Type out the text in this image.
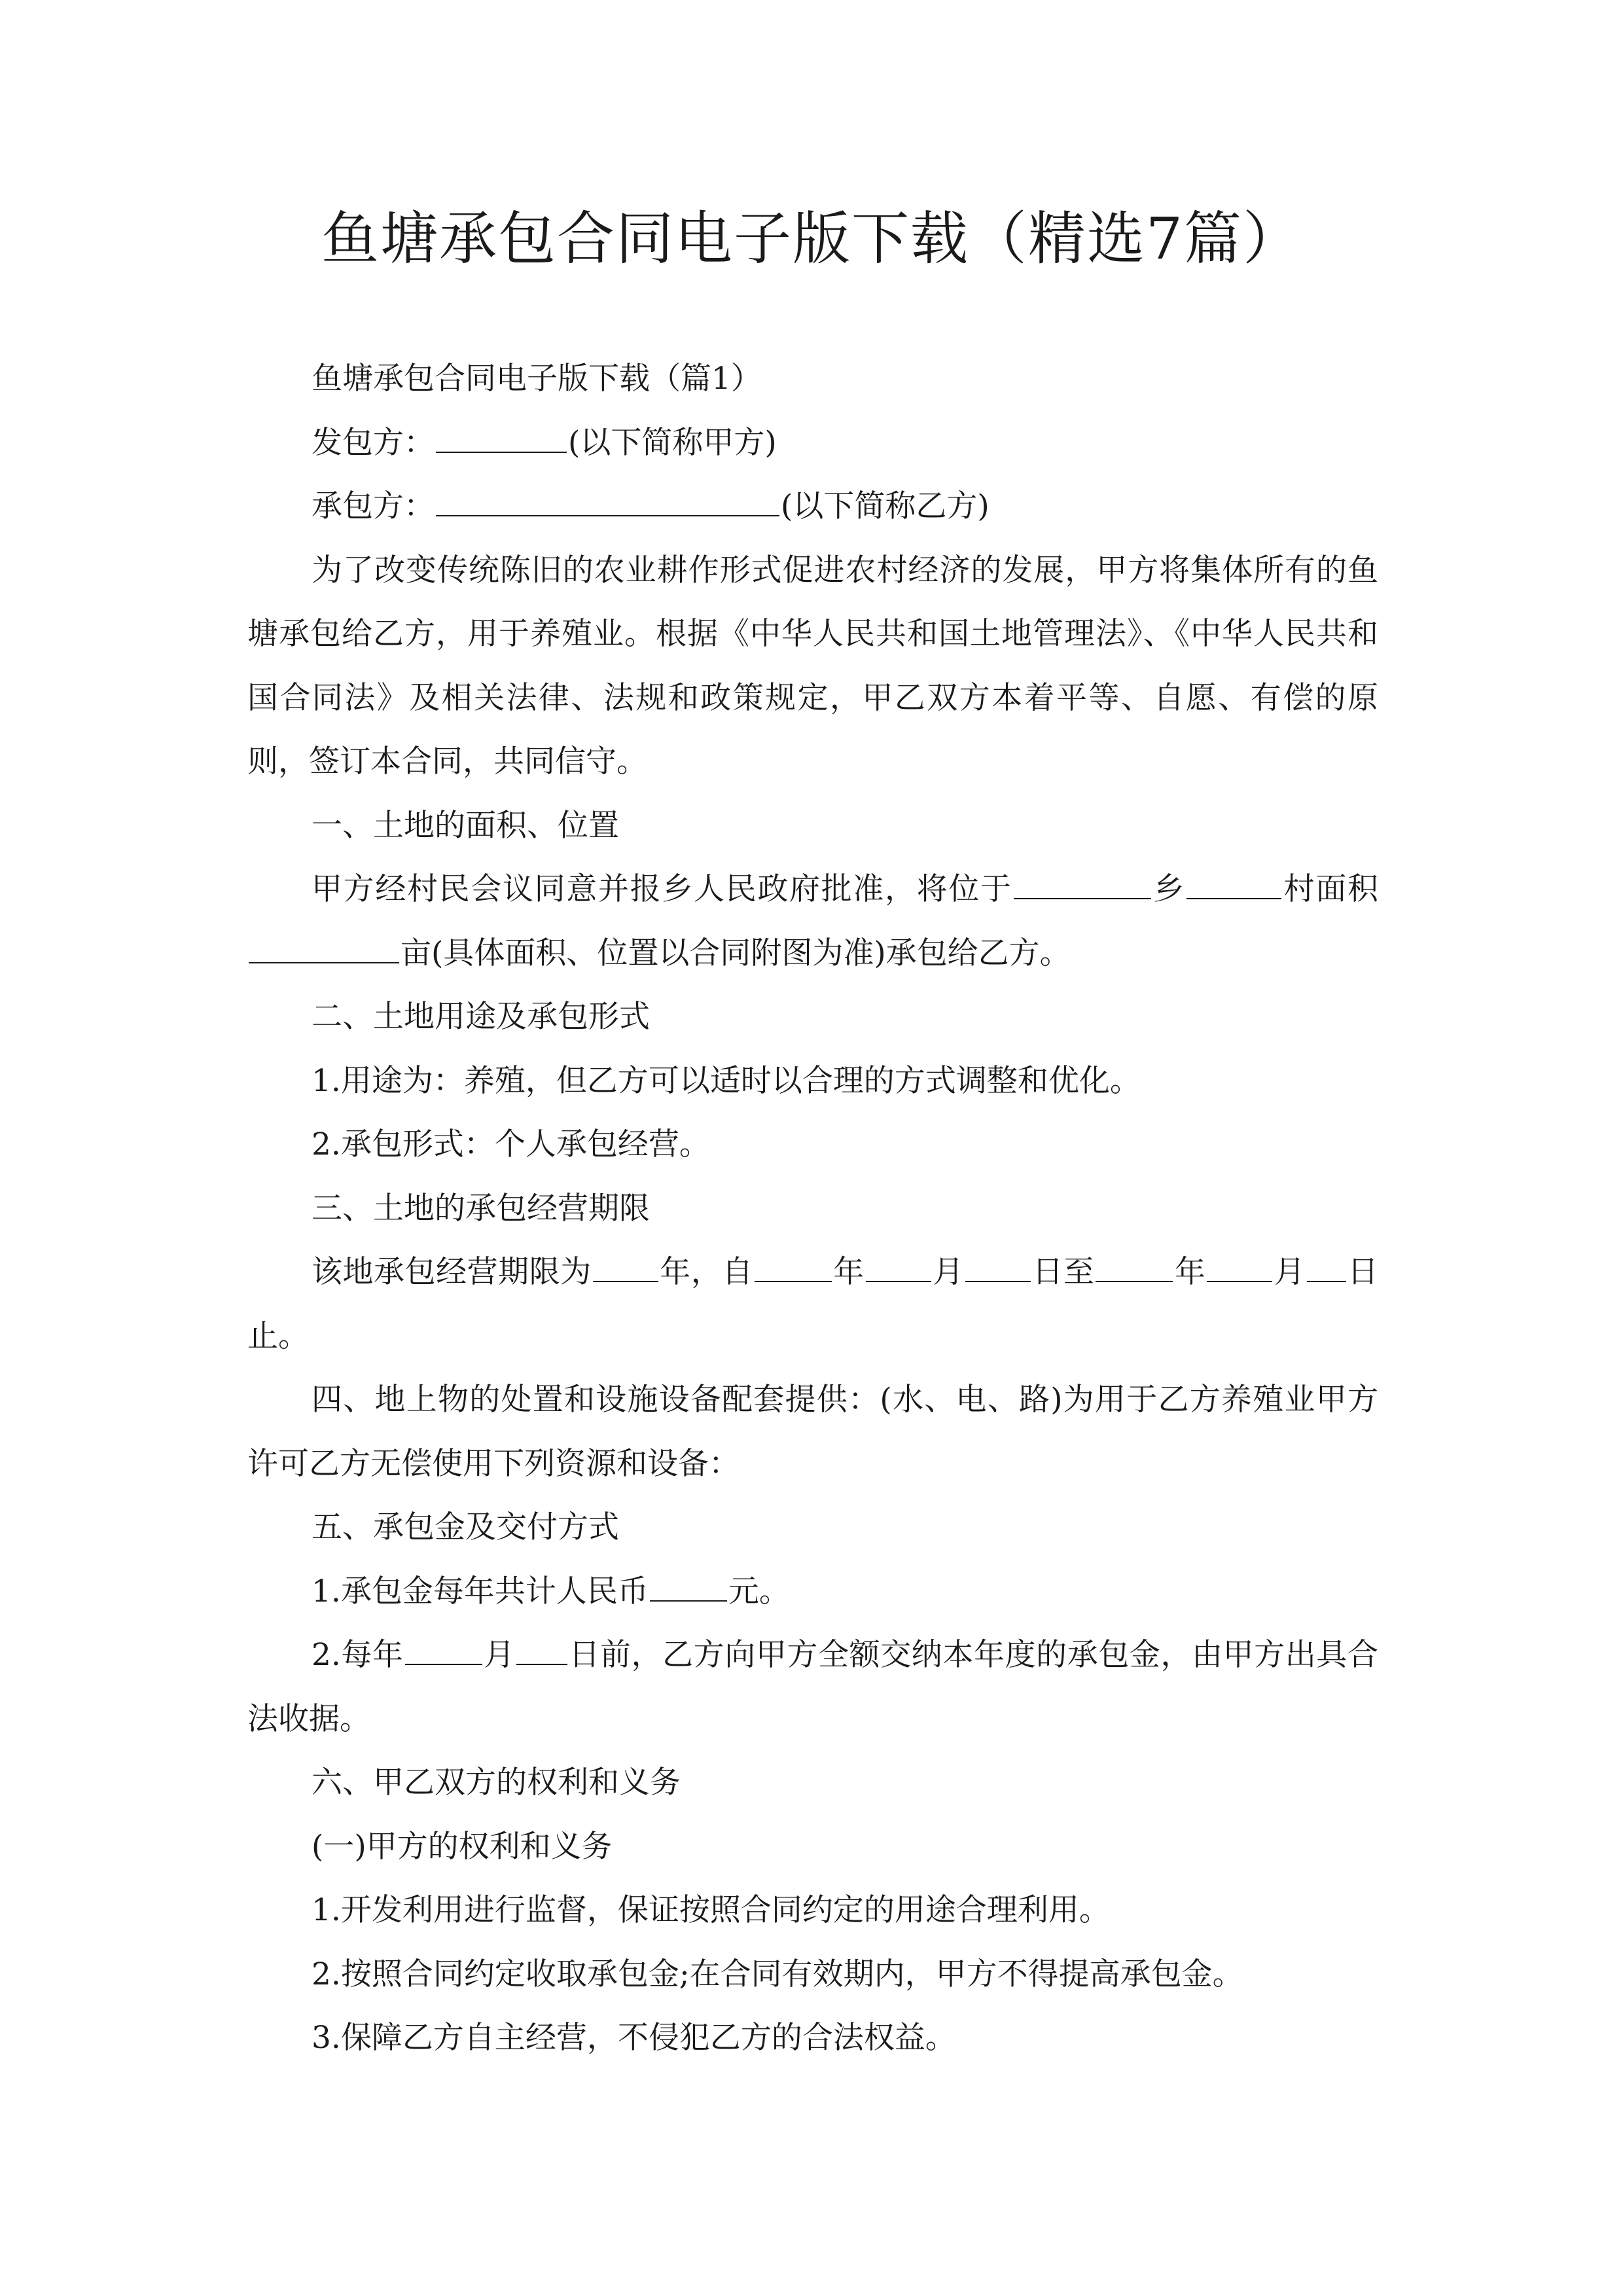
鱼塘承包合同电子版下载（精选7篇）

鱼塘承包合同电子版下载（篇1）

发包方：	(以下简称甲方)

承包方：	(以下简称乙方)

为了改变传统陈旧的农业耕作形式促进农村经济的发展，甲方将集体所有的鱼塘承包给乙方，用于养殖业。根据《中华人民共和国土地管理法》、《中华人民共和国合同法》及相关法律、法规和政策规定，甲乙双方本着平等、自愿、有偿的原则，签订本合同，共同信守。

一、土地的面积、位置

甲方经村民会议同意并报乡人民政府批准，将位于	乡	村面积亩(具体面积、位置以合同附图为准)承包给乙方。

二、土地用途及承包形式

1.用途为：养殖，但乙方可以适时以合理的方式调整和优化。

2.承包形式：个人承包经营。

三、土地的承包经营期限

该地承包经营期限为 年，自	年 月 日至	年 月 日止。

四、地上物的处置和设施设备配套提供：(水、电、路)为用于乙方养殖业甲方许可乙方无偿使用下列资源和设备：

五、承包金及交付方式

1.承包金每年共计人民币	元。

2.每年	月 日前，乙方向甲方全额交纳本年度的承包金，由甲方出具合法收据。

六、甲乙双方的权利和义务

(一)甲方的权利和义务

1.开发利用进行监督，保证按照合同约定的用途合理利用。

2.按照合同约定收取承包金;在合同有效期内，甲方不得提高承包金。

3.保障乙方自主经营，不侵犯乙方的合法权益。
